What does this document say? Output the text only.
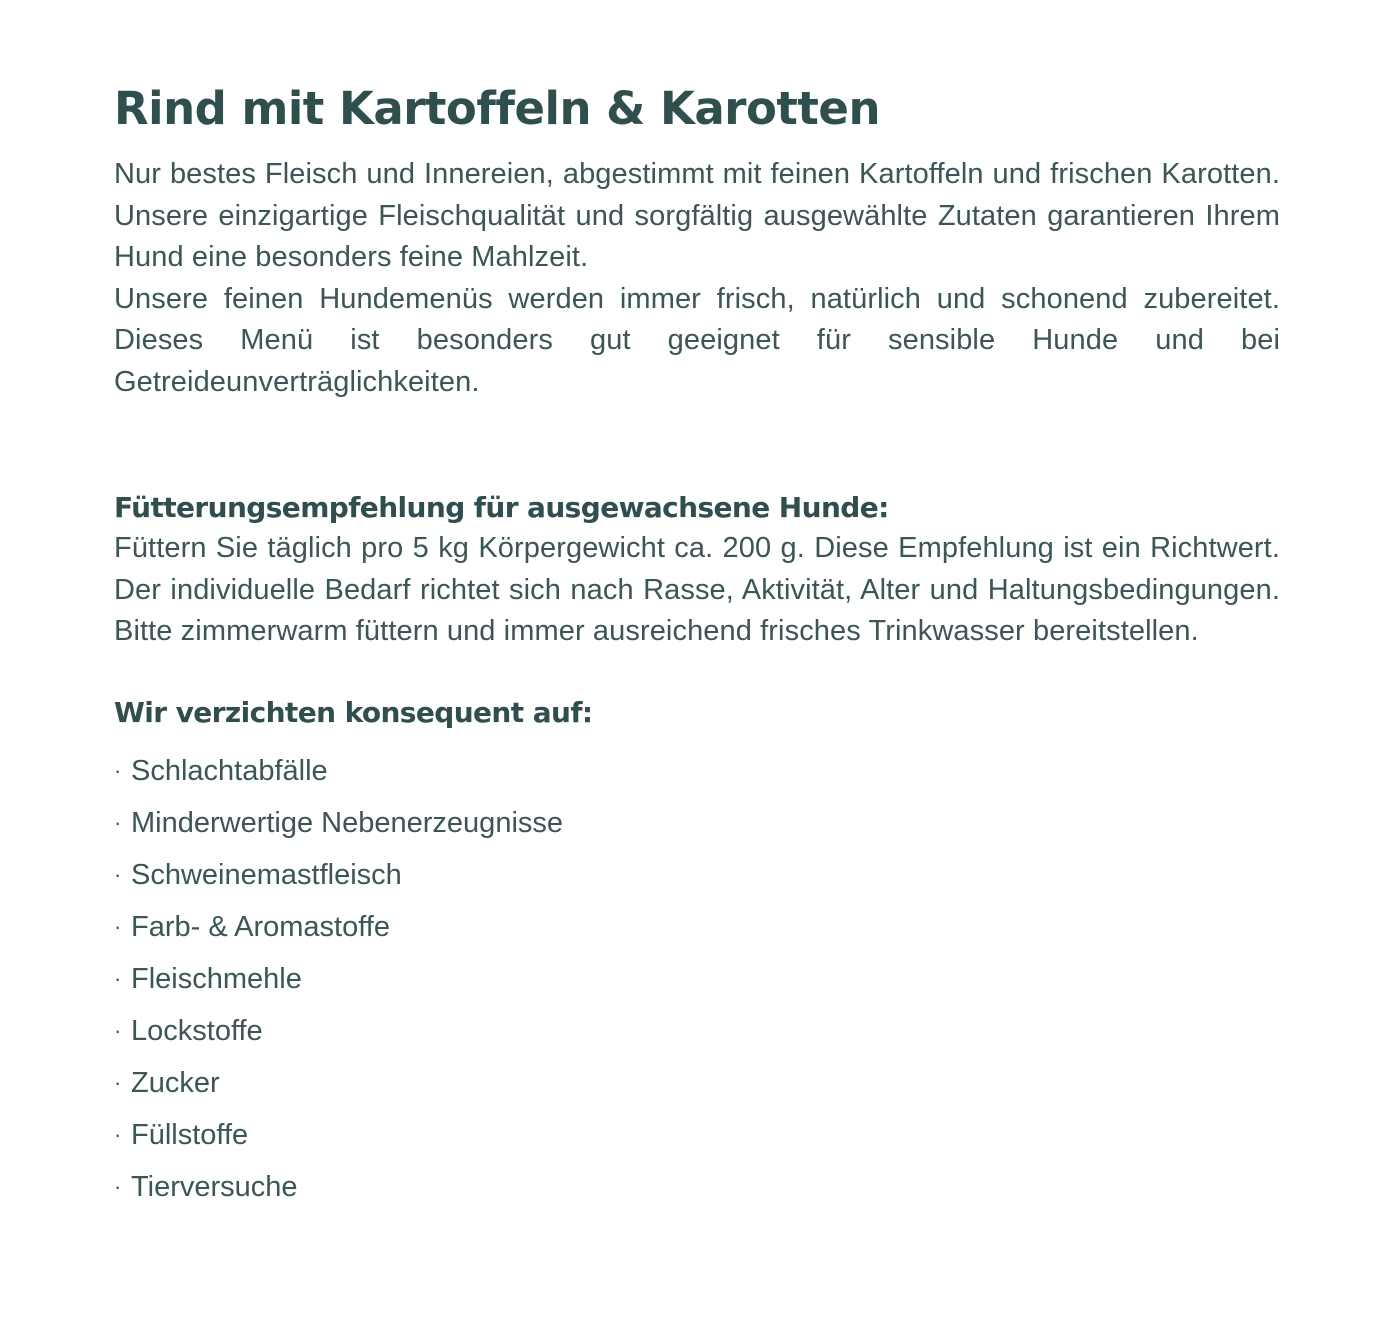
Rind mit Kartoffeln & Karotten

Nur bestes Fleisch und Innereien, abgestimmt mit feinen Kartoffeln und frischen Karotten. Unsere einzigartige Fleischqualität und sorgfältig ausgewählte Zutaten garantieren Ihrem Hund eine besonders feine Mahlzeit.

Unsere feinen Hundemenüs werden immer frisch, natürlich und schonend zubereitet. Dieses Menü ist besonders gut geeignet für sensible Hunde und bei Getreideunverträglichkeiten.

Fütterungsempfehlung für ausgewachsene Hunde:

Füttern Sie täglich pro 5 kg Körpergewicht ca. 200 g. Diese Empfehlung ist ein Richtwert. Der individuelle Bedarf richtet sich nach Rasse, Aktivität, Alter und Haltungsbedingungen. Bitte zimmerwarm füttern und immer ausreichend frisches Trinkwasser bereitstellen.

Wir verzichten konsequent auf:
· Schlachtabfälle
· Minderwertige Nebenerzeugnisse
· Schweinemastfleisch
· Farb- & Aromastoffe
· Fleischmehle
· Lockstoffe
· Zucker
· Füllstoffe
· Tierversuche
